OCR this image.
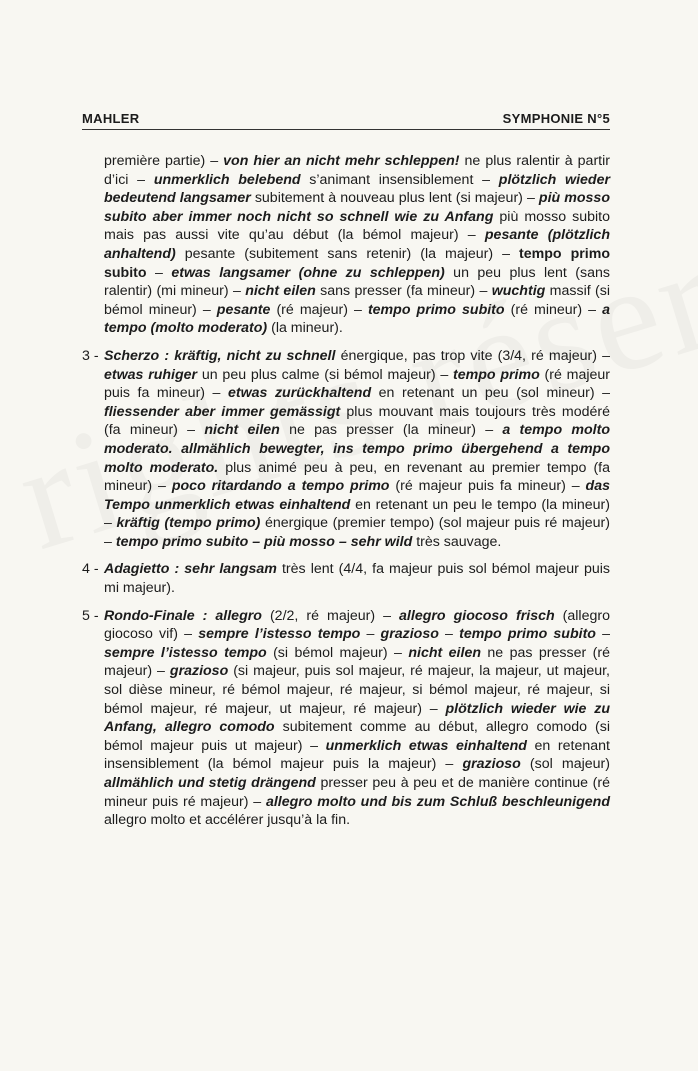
MAHLER	SYMPHONIE N°5
première partie) – von hier an nicht mehr schleppen! ne plus ralentir à partir d’ici – unmerklich belebend s’animant insensiblement – plötzlich wieder bedeutend langsamer subitement à nouveau plus lent (si majeur) – più mosso subito aber immer noch nicht so schnell wie zu Anfang più mosso subito mais pas aussi vite qu’au début (la bémol majeur) – pesante (plötzlich anhaltend) pesante (subitement sans retenir) (la majeur) – tempo primo subito – etwas langsamer (ohne zu schleppen) un peu plus lent (sans ralentir) (mi mineur) – nicht eilen sans presser (fa mineur) – wuchtig massif (si bémol mineur) – pesante (ré majeur) – tempo primo subito (ré mineur) – a tempo (molto moderato) (la mineur).
3 - Scherzo : kräftig, nicht zu schnell énergique, pas trop vite (3/4, ré majeur) – etwas ruhiger un peu plus calme (si bémol majeur) – tempo primo (ré majeur puis fa mineur) – etwas zurückhaltend en retenant un peu (sol mineur) – fliessender aber immer gemässigt plus mouvant mais toujours très modéré (fa mineur) – nicht eilen ne pas presser (la mineur) – a tempo molto moderato. allmählich bewegter, ins tempo primo übergehend a tempo molto moderato. plus animé peu à peu, en revenant au premier tempo (fa mineur) – poco ritardando a tempo primo (ré majeur puis fa mineur) – das Tempo unmerklich etwas einhaltend en retenant un peu le tempo (la mineur) – kräftig (tempo primo) énergique (premier tempo) (sol majeur puis ré majeur) – tempo primo subito – più mosso – sehr wild très sauvage.
4 - Adagietto : sehr langsam très lent (4/4, fa majeur puis sol bémol majeur puis mi majeur).
5 - Rondo-Finale : allegro (2/2, ré majeur) – allegro giocoso frisch (allegro giocoso vif) – sempre l’istesso tempo – grazioso – tempo primo subito – sempre l’istesso tempo (si bémol majeur) – nicht eilen ne pas presser (ré majeur) – grazioso (si majeur, puis sol majeur, ré majeur, la majeur, ut majeur, sol dièse mineur, ré bémol majeur, ré majeur, si bémol majeur, ré majeur, si bémol majeur, ré majeur, ut majeur, ré majeur) – plötzlich wieder wie zu Anfang, allegro comodo subitement comme au début, allegro comodo (si bémol majeur puis ut majeur) – unmerklich etwas einhaltend en retenant insensiblement (la bémol majeur puis la majeur) – grazioso (sol majeur) allmählich und stetig drängend presser peu à peu et de manière continue (ré mineur puis ré majeur) – allegro molto und bis zum Schluß beschleunigend allegro molto et accélérer jusqu’à la fin.
